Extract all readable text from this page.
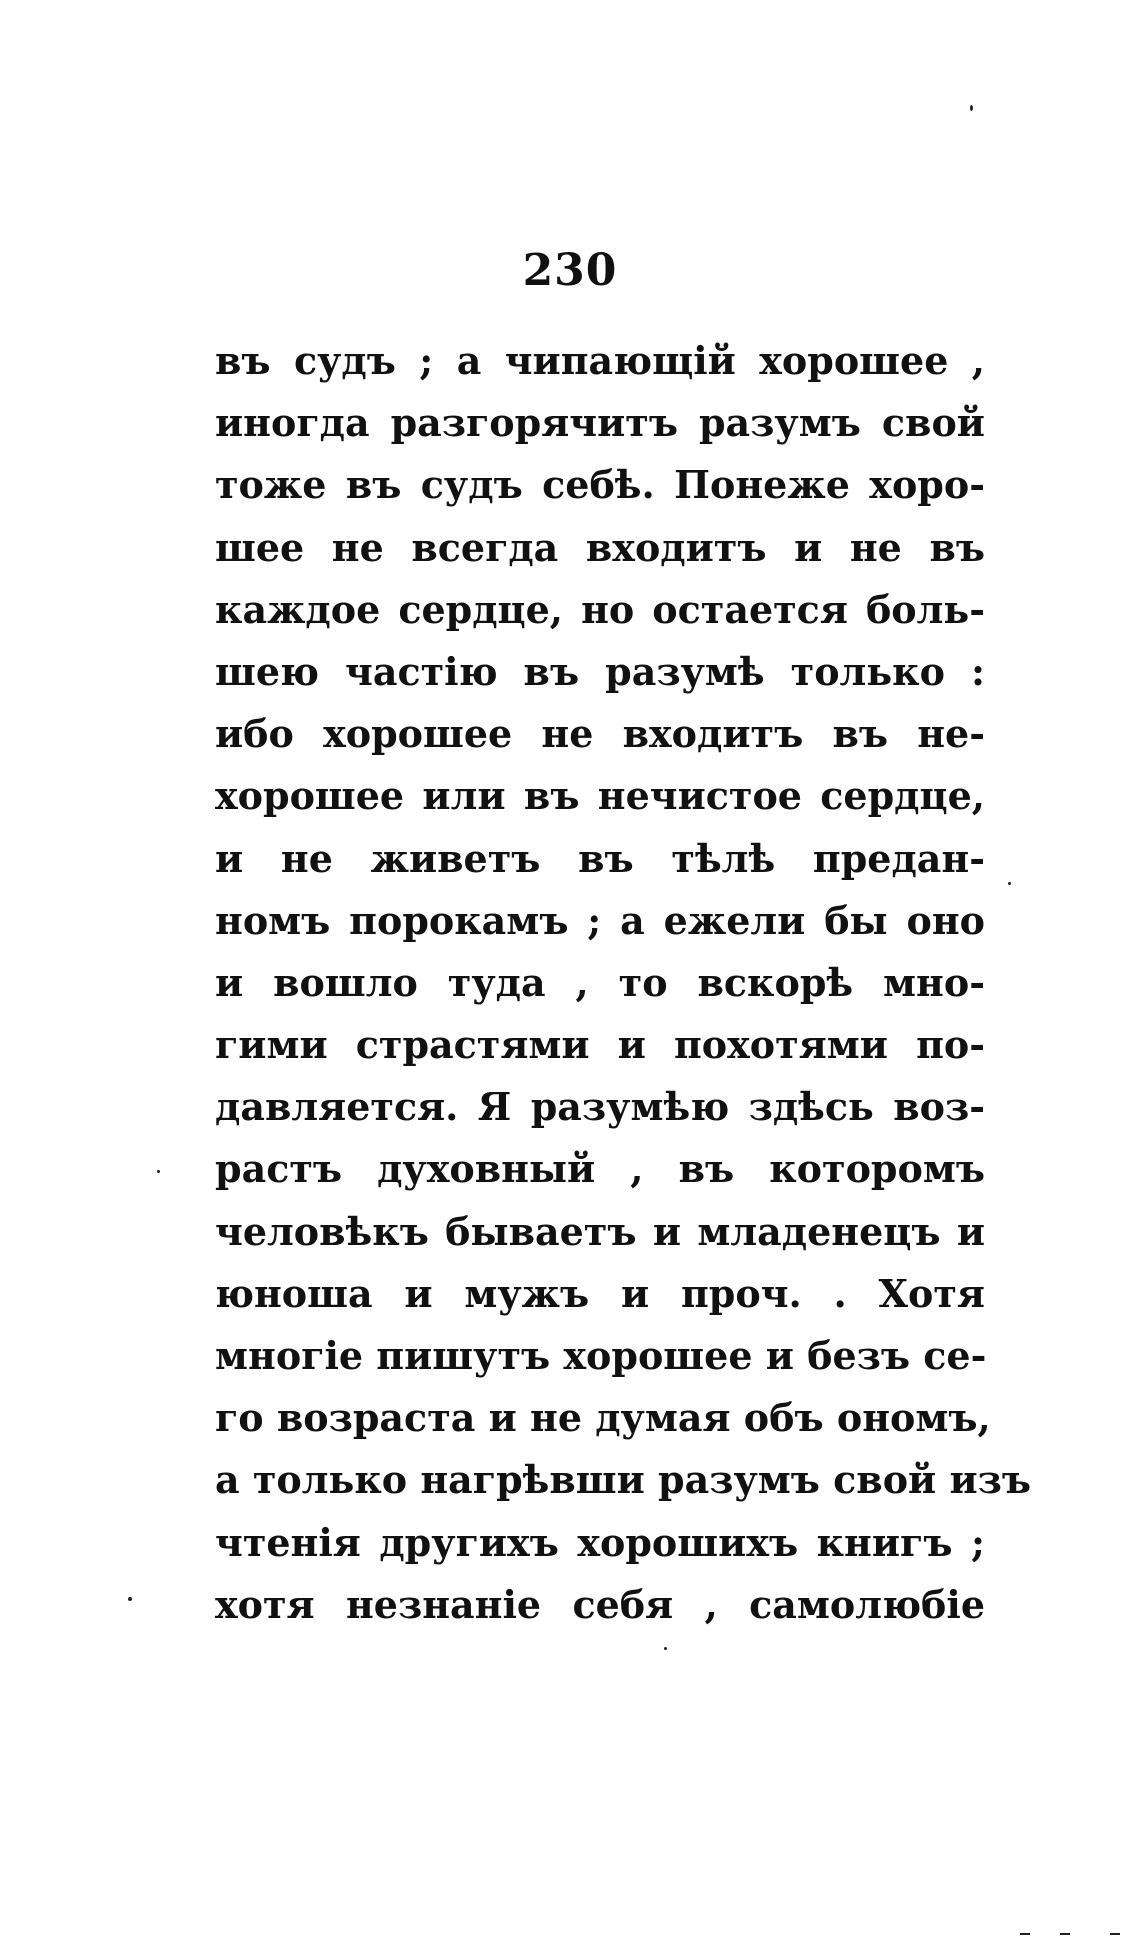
230
въ судъ ; а чипающій хорошее ,
иногда разгорячитъ разумъ свой
тоже въ судъ себѣ. Понеже хоро-
шее не всегда входитъ и не въ
каждое сердце, но остается боль-
шею частію въ разумѣ только :
ибо хорошее не входитъ въ не-
хорошее или въ нечистое сердце,
и не живетъ въ тѣлѣ предан-
номъ порокамъ ; а ежели бы оно
и вошло туда , то вскорѣ мно-
гими страстями и похотями по-
давляется. Я разумѣю здѣсь воз-
растъ духовный , въ которомъ
человѣкъ бываетъ и младенецъ и
юноша и мужъ и проч. . Хотя
многіе пишутъ хорошее и безъ се-
го возраста и не думая объ ономъ,
а только нагрѣвши разумъ свой изъ
чтенія другихъ хорошихъ книгъ ;
хотя незнаніе себя , самолюбіе
